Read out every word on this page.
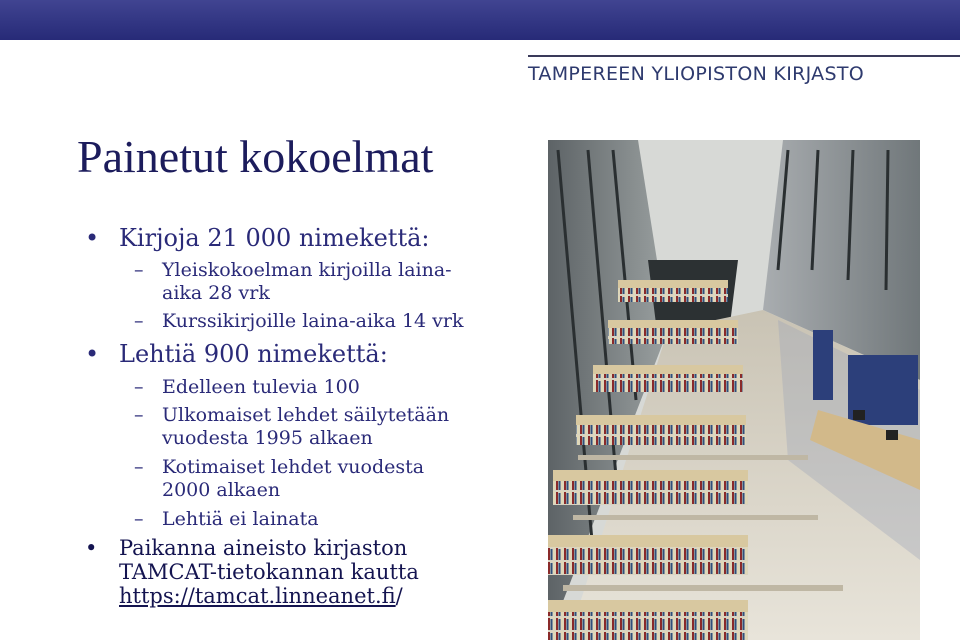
TAMPEREEN YLIOPISTON KIRJASTO
Painetut kokoelmat
• Kirjoja 21 000 nimekettä:
– Yleiskokoelman kirjoilla laina-
aika 28 vrk
– Kurssikirjoille laina-aika 14 vrk
• Lehtiä 900 nimekettä:
– Edelleen tulevia 100
– Ulkomaiset lehdet säilytetään
vuodesta 1995 alkaen
– Kotimaiset lehdet vuodesta
2000 alkaen
– Lehtiä ei lainata
• Paikanna aineisto kirjaston
TAMCAT-tietokannan kautta
https://tamcat.linneanet.fi/
